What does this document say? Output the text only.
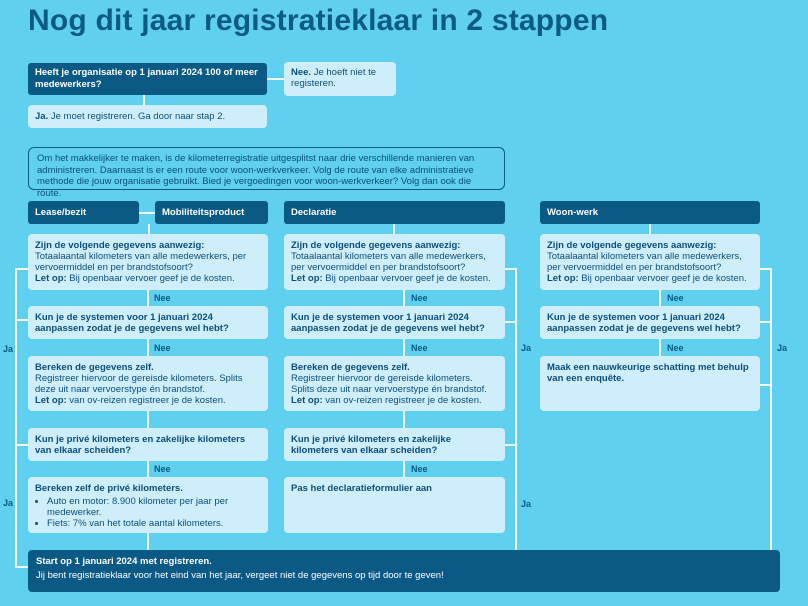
Nog dit jaar registratieklaar in 2 stappen
Heeft je organisatie op 1 januari 2024 100 of meer medewerkers?
Nee. Je hoeft niet te registeren.
Ja. Je moet registreren. Ga door naar stap 2.
Om het makkelijker te maken, is de kilometerregistratie uitgesplitst naar drie verschillende manieren van administreren. Daarnaast is er een route voor woon-werkverkeer. Volg de route van elke administratieve methode die jouw organisatie gebruikt. Bied je vergoedingen voor woon-werkverkeer? Volg dan ook die route.
Lease/bezit	Mobiliteitsproduct	Declaratie	Woon-werk
Zijn de volgende gegevens aanwezig:
Totaalaantal kilometers van alle medewerkers, per vervoermiddel en per brandstofsoort?
Let op: Bij openbaar vervoer geef je de kosten.
Nee
Kun je de systemen voor 1 januari 2024 aanpassen zodat je de gegevens wel hebt?
Nee
Bereken de gegevens zelf.
Registreer hiervoor de gereisde kilometers. Splits deze uit naar vervoerstype én brandstof.
Let op: van ov-reizen registreer je de kosten.
Kun je privé kilometers en zakelijke kilometers van elkaar scheiden?
Nee
Bereken zelf de privé kilometers.
• Auto en motor: 8.900 kilometer per jaar per medewerker.
• Fiets: 7% van het totale aantal kilometers.
Ja
Ja
Zijn de volgende gegevens aanwezig:
Totaalaantal kilometers van alle medewerkers, per vervoermiddel en per brandstofsoort?
Let op: Bij openbaar vervoer geef je de kosten.
Nee
Kun je de systemen voor 1 januari 2024 aanpassen zodat je de gegevens wel hebt?
Nee
Bereken de gegevens zelf.
Registreer hiervoor de gereisde kilometers. Splits deze uit naar vervoerstype én brandstof.
Let op: van ov-reizen registreer je de kosten.
Kun je privé kilometers en zakelijke kilometers van elkaar scheiden?
Nee
Pas het declaratieformulier aan
Ja
Ja
Zijn de volgende gegevens aanwezig:
Totaalaantal kilometers van alle medewerkers, per vervoermiddel en per brandstofsoort?
Let op: Bij openbaar vervoer geef je de kosten.
Nee
Kun je de systemen voor 1 januari 2024 aanpassen zodat je de gegevens wel hebt?
Nee
Maak een nauwkeurige schatting met behulp van een enquête.
Ja
Start op 1 januari 2024 met registreren.
Jij bent registratieklaar voor het eind van het jaar, vergeet niet de gegevens op tijd door te geven!
